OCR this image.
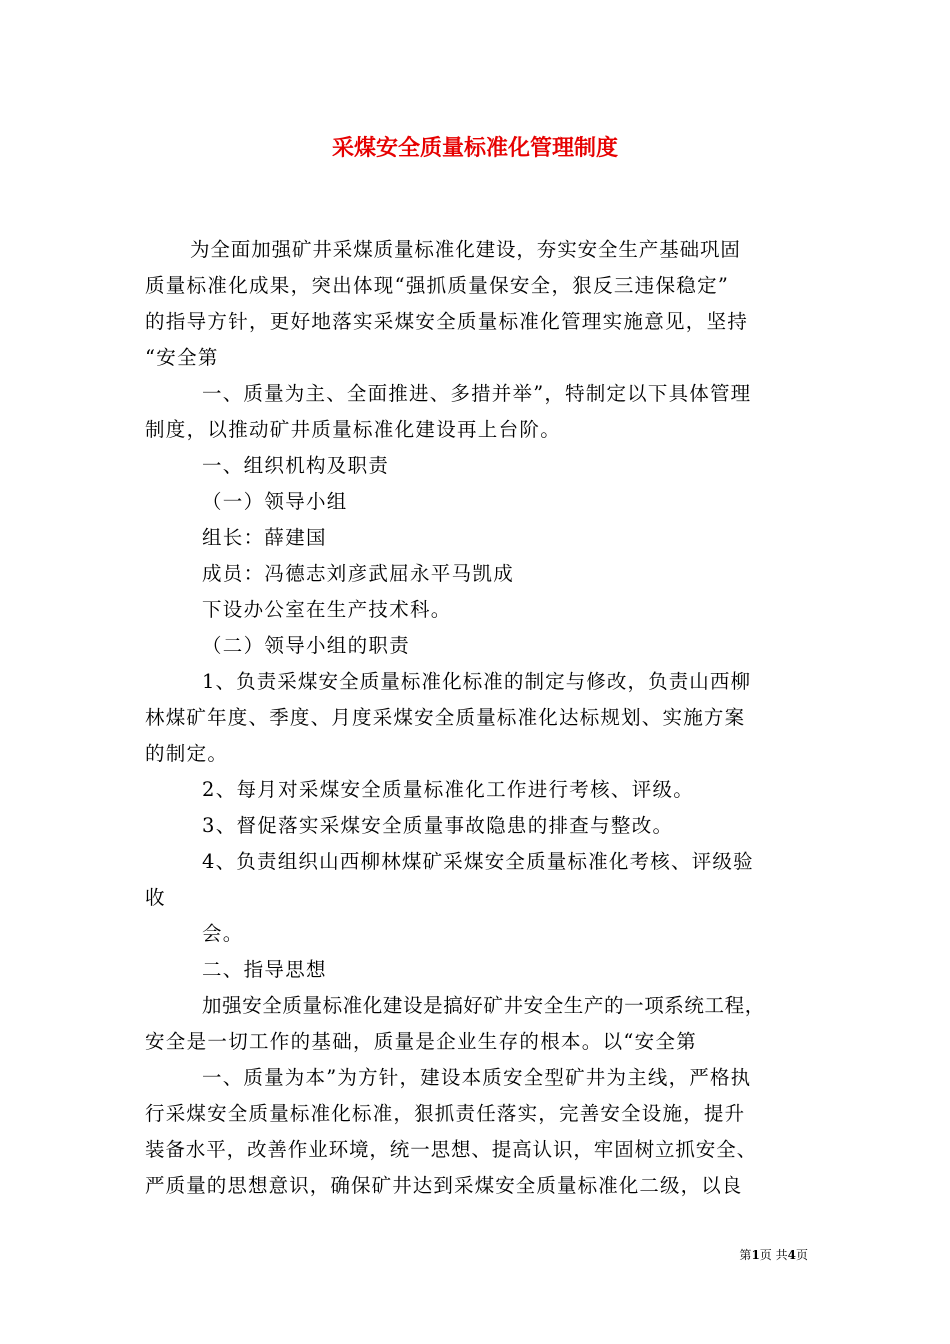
采煤安全质量标准化管理制度
为全面加强矿井采煤质量标准化建设，夯实安全生产基础巩固
质量标准化成果，突出体现“强抓质量保安全，狠反三违保稳定”
的指导方针，更好地落实采煤安全质量标准化管理实施意见，坚持
“安全第
一、质量为主、全面推进、多措并举”，特制定以下具体管理
制度，以推动矿井质量标准化建设再上台阶。
一、组织机构及职责
（一）领导小组
组长：薛建国
成员：冯德志刘彦武屈永平马凯成
下设办公室在生产技术科。
（二）领导小组的职责
1、负责采煤安全质量标准化标准的制定与修改，负责山西柳
林煤矿年度、季度、月度采煤安全质量标准化达标规划、实施方案
的制定。
2、每月对采煤安全质量标准化工作进行考核、评级。
3、督促落实采煤安全质量事故隐患的排查与整改。
4、负责组织山西柳林煤矿采煤安全质量标准化考核、评级验
收
会。
二、指导思想
加强安全质量标准化建设是搞好矿井安全生产的一项系统工程，
安全是一切工作的基础，质量是企业生存的根本。以“安全第
一、质量为本”为方针，建设本质安全型矿井为主线，严格执
行采煤安全质量标准化标准，狠抓责任落实，完善安全设施，提升
装备水平，改善作业环境，统一思想、提高认识，牢固树立抓安全、
严质量的思想意识，确保矿井达到采煤安全质量标准化二级，以良
第1页 共4页
